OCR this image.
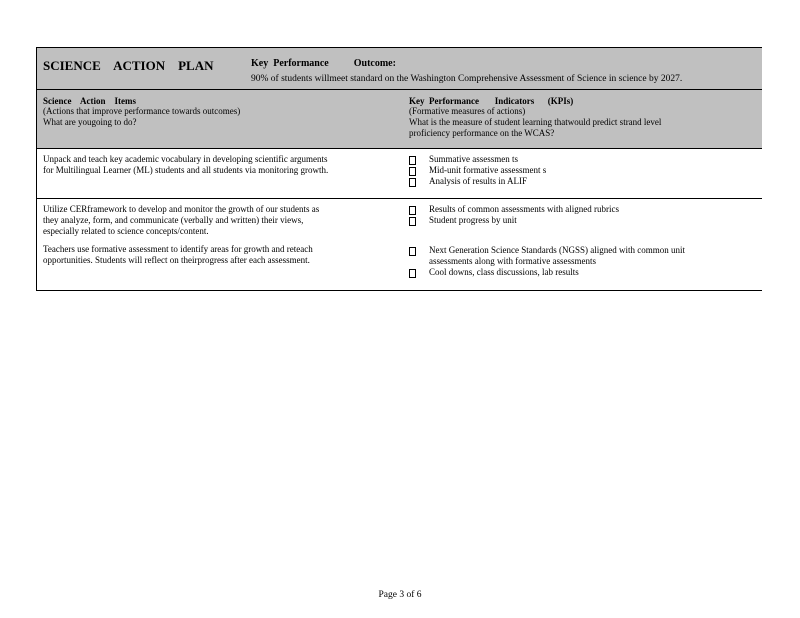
SCIENCE    ACTION    PLAN	Key  Performance          Outcome:
90% of students willmeet standard on the Washington Comprehensive Assessment of Science in science by 2027.
Science    Action    Items
(Actions that improve performance towards outcomes)
What are yougoing to do?
Key  Performance       Indicators      (KPIs)
(Formative measures of actions)
What is the measure of student learning thatwould predict strand level
proficiency performance on the WCAS?
Unpack and teach key academic vocabulary in developing scientific arguments
for Multilingual Learner (ML) students and all students via monitoring growth.
Summative assessmen ts
Mid-unit formative assessment s
Analysis of results in ALIF
Utilize CERframework to develop and monitor the growth of our students as
they analyze, form, and communicate (verbally and written) their views,
especially related to science concepts/content.
Teachers use formative assessment to identify areas for growth and reteach
opportunities. Students will reflect on theirprogress after each assessment.
Results of common assessments with aligned rubrics
Student progress by unit
Next Generation Science Standards (NGSS) aligned with common unit
assessments along with formative assessments
Cool downs, class discussions, lab results
Page 3 of 6
